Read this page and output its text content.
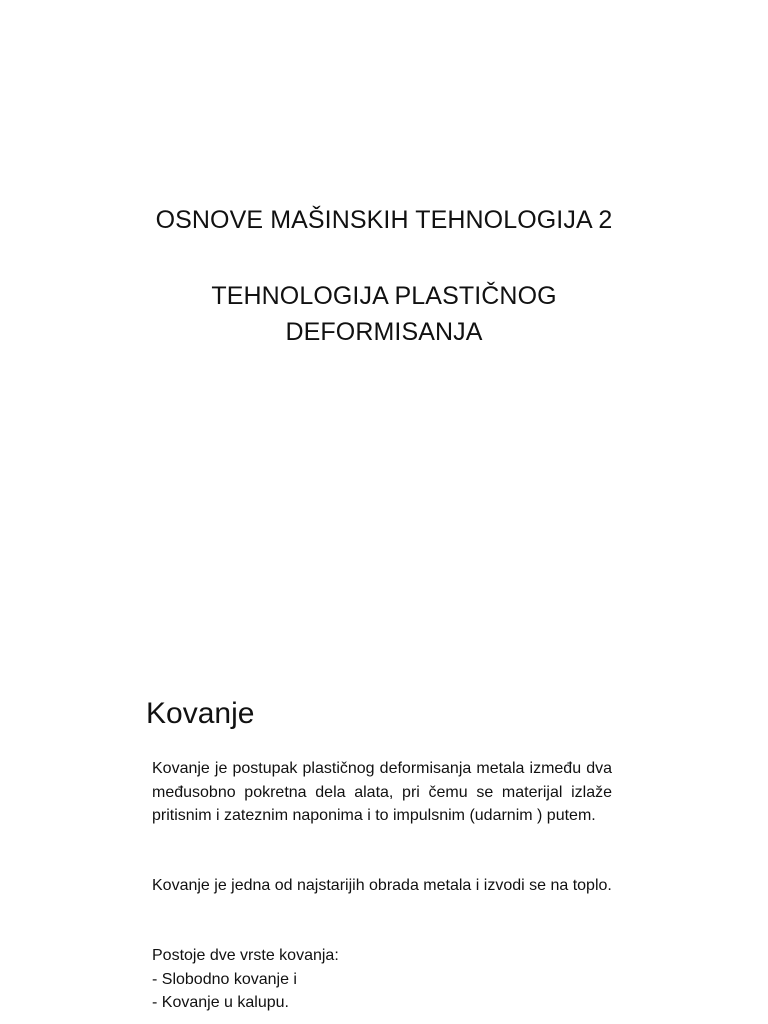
OSNOVE MAŠINSKIH TEHNOLOGIJA 2
TEHNOLOGIJA PLASTIČNOG
DEFORMISANJA
Kovanje

Kovanje je postupak plastičnog deformisanja metala između dva međusobno pokretna dela alata, pri čemu se materijal izlaže pritisnim i zateznim naponima i to impulsnim (udarnim ) putem.

Kovanje je jedna od najstarijih obrada metala i izvodi se na toplo.

Postoje dve vrste kovanja:
- Slobodno kovanje i
- Kovanje u kalupu.
